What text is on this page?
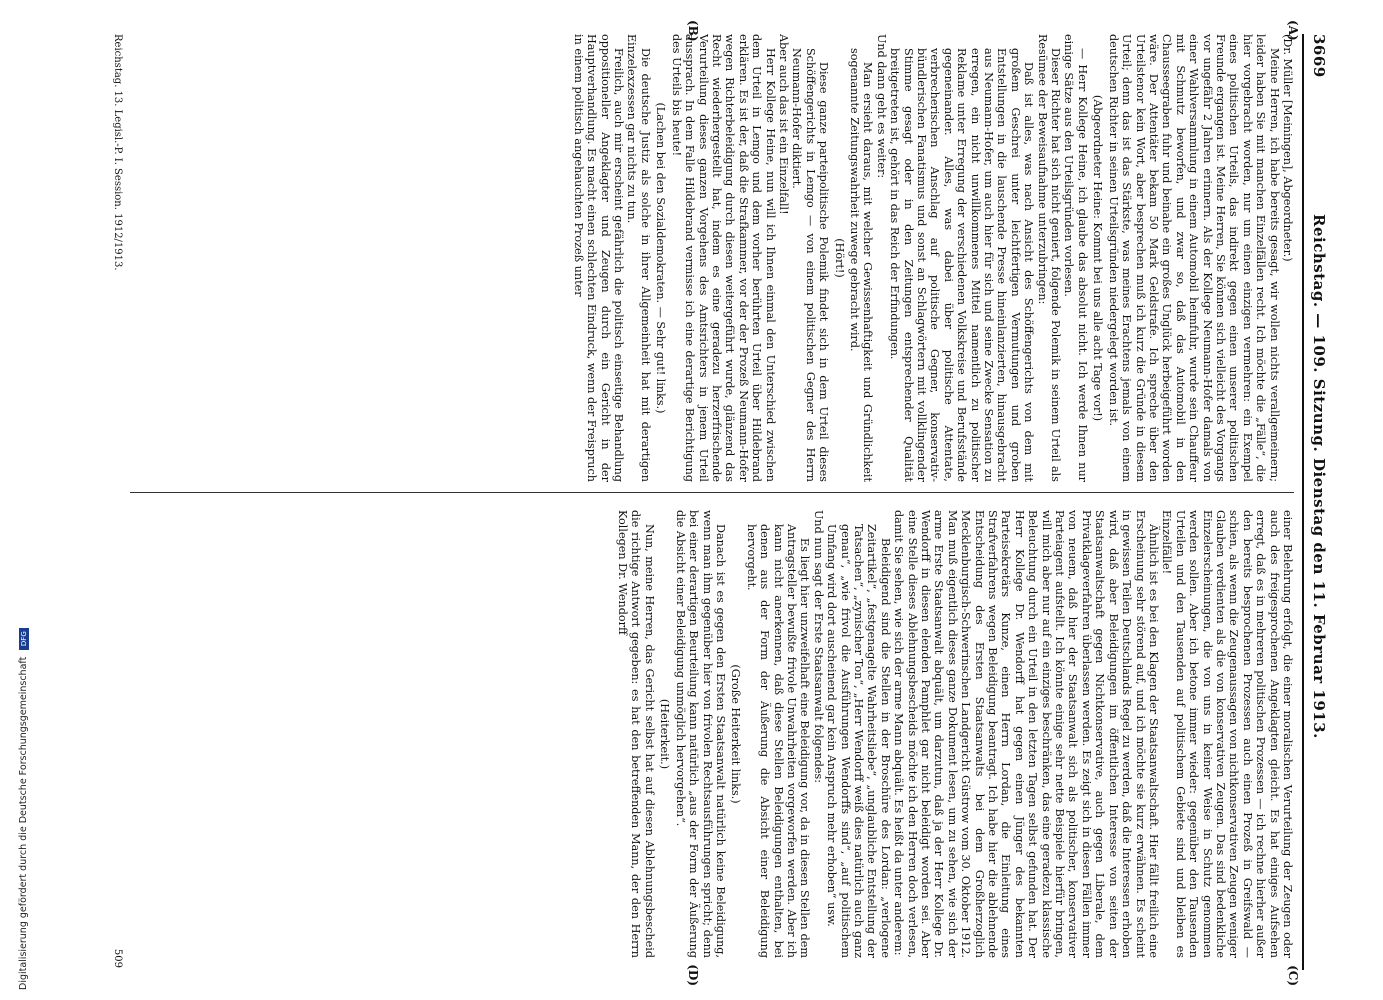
3669
Reichstag. — 109. Sitzung. Dienstag den 11. Februar 1913.
(A)
(B)
(C)
(D)

(Dr. Müller [Meiningen], Abgeordneter.)

Meine Herren, ich habe bereits gesagt, wir wollen nichts verallgemeinern; leider haben Sie mit manchen Einzelfällen recht. Ich möchte die „Fälle“, die hier vorgebracht worden, nur um einen einzigen vermehren: ein Exempel eines politischen Urteils, das indirekt gegen einen unserer politischen Freunde ergangen ist. Meine Herren, Sie können sich vielleicht des Vorgangs vor ungefähr 2 Jahren erinnern. Als der Kollege Neumann-Hofer damals von einer Wahlversammlung in einem Automobil heimfuhr, wurde sein Chauffeur mit Schmutz beworfen, und zwar so, daß das Automobil in den Chausseegraben fuhr und beinahe ein großes Unglück herbeigeführt worden wäre. Der Attentäter bekam 50 Mark Geldstrafe. Ich spreche über den Urteilstenor kein Wort, aber besprechen muß ich kurz die Gründe in diesem Urteil; denn das ist das Stärkste, was meines Erachtens jemals von einem deutschen Richter in seinen Urteilsgründen niedergelegt worden ist.

(Abgeordneter Heine: Kommt bei uns alle acht Tage vor!)

— Herr Kollege Heine, ich glaube das absolut nicht. Ich werde Ihnen nur einige Sätze aus den Urteilsgründen vorlesen.

Dieser Richter hat sich nicht geniert, folgende Polemik in seinem Urteil als Resümee der Beweisaufnahme unterzubringen:

Daß ist alles, was nach Ansicht des Schöffengerichts von dem mit großem Geschrei unter leichtfertigen Vermutungen und groben Entstellungen in die lauschende Presse hineinlanzierten, hinausgebracht aus Neumann-Hofer, um auch hier für sich und seine Zwecke Sensation zu erregen, ein nicht unwillkommenes Mittel namentlich zu politischer Reklame unter Erregung der verschiedenen Volkskreise und Berufsstände gegeneinander. Alles, was dabei über politische Attentate, verbrecherischen Anschlag auf politische Gegner, konservativ-bündlerischen Fanatismus und sonst an Schlagwörtern mit vollklingender Stimme gesagt oder in den Zeitungen entsprechender Qualität breitgetreten ist, gehört in das Reich der Erfindungen.

Und dann geht es weiter:

Man ersieht daraus, mit welcher Gewissenhaftigkeit und Gründlichkeit sogenannte Zeitungswahrheit zuwege gebracht wird.

(Hört!)

Diese ganze parteipolitische Polemik findet sich in dem Urteil dieses Schöffengerichts in Lemgo — von einem politischen Gegner des Herrn Neumann-Hofer diktiert.

Aber auch das ist ein Einzelfall!

Herr Kollege Heine, nun will ich Ihnen einmal den Unterschied zwischen dem Urteil in Lemgo und dem vorher berührten Urteil über Hildebrand erklären. Es ist der, daß die Strafkammer, vor der der Prozeß Neumann-Hofer wegen Richterbeleidigung durch diesen weitergeführt wurde, glänzend das Recht wiederhergestellt hat, indem es eine geradezu herzerfrischende Verurteilung dieses ganzen Vorgehens des Amtsrichters in jenem Urteil aussprach. In dem Falle Hildebrand vermisse ich eine derartige Berichtigung des Urteils bis heute!

(Lachen bei den Sozialdemokraten. — Sehr gut! links.)

Die deutsche Justiz als solche in ihrer Allgemeinheit hat mit derartigen Einzelexzessen gar nichts zu tun.

Freilich, auch mir erscheint gefährlich die politisch einseitige Behandlung oppositioneller Angeklagter und Zeugen durch ein Gericht in der Hauptverhandlung. Es macht einen schlechten Eindruck, wenn der Freispruch in einem politisch angehauchten Prozeß unter

einer Belehrung erfolgt, die einer moralischen Verurteilung der Zeugen oder auch des freigesprochenen Angeklagten gleicht. Es hat einiges Aufsehen erregt, daß es in mehreren politischen Prozessen — ich rechne hierher außer den bereits besprochenen Prozessen auch einen Prozeß in Greifswald — schien, als wenn die Zeugenaussagen von nichtkonservativen Zeugen weniger Glauben verdienten als die von konservativen Zeugen. Das sind bedenkliche Einzelerscheinungen, die von uns in keiner Weise in Schutz genommen werden sollen. Aber ich betone immer wieder: gegenüber den Tausenden Urteilen und den Tausenden auf politischem Gebiete sind und bleiben es Einzelfälle!

Ähnlich ist es bei den Klagen der Staatsanwaltschaft. Hier fällt freilich eine Erscheinung sehr störend auf, und ich möchte sie kurz erwähnen. Es scheint in gewissen Teilen Deutschlands Regel zu werden, daß die Interessen erhoben wird, daß aber Beleidigungen im öffentlichen Interesse von seiten der Staatsanwaltschaft gegen Nichtkonservative, auch gegen Liberale, dem Privatklageverfahren überlassen werden. Es zeigt sich in diesen Fällen immer von neuem, daß hier der Staatsanwalt sich als politischer, konservativer Parteiagent aufstellt. Ich könnte einige sehr nette Beispiele hierfür bringen, will mich aber nur auf ein einziges beschränken, das eine geradezu klassische Beleuchtung durch ein Urteil in den letzten Tagen selbst gefunden hat. Der Herr Kollege Dr. Wendorff hat gegen einen Jünger des bekannten Parteisekretärs Kunze, einen Herrn Lordan, die Einleitung eines Strafverfahrens wegen Beleidigung beantragt. Ich habe hier die ablehnende Entscheidung des Ersten Staatsanwalts bei dem Großherzoglich Mecklenburgisch-Schwerinschen Landgericht Güstrow vom 30. Oktober 1912. Man muß eigentlich dieses ganze Dokument lesen, um zu sehen, wie sich der arme Erste Staatsanwalt abquält, um darzutun, daß ja der Herr Kollege Dr. Wendorff in diesen elenden Pamphlet gar nicht beleidigt worden sei. Aber eine Stelle dieses Ablehnungsbescheids möchte ich den Herren doch verlesen, damit Sie sehen, wie sich der arme Mann abquält. Es heißt da unter anderem:

Beleidigend sind die Stellen in der Broschüre des Lordan: „verlogene Zeitartikel“, „festgenagelte Wahrheitsliebe“, „unglaubliche Entstellung der Tatsachen“, „zynischer Ton“, „Herr Wendorff weiß dies natürlich auch ganz genau“, „wie frivol die Ausführungen Wendorffs sind“, „auf politischem Umfang wird dort auscheinend gar kein Anspruch mehr erhoben“ usw.

Und nun sagt der Erste Staatsanwalt folgendes:

Es liegt hier unzweifelhaft eine Beleidigung vor, da in diesen Stellen dem Antragsteller bewußte frivole Unwahrheiten vorgeworfen werden. Aber ich kann nicht anerkennen, daß diese Stellen Beleidigungen enthalten, bei denen aus der Form der Äußerung die Absicht einer Beleidigung hervorgeht.

(Große Heiterkeit links.)

Danach ist es gegen den Ersten Staatsanwalt natürlich keine Beleidigung, wenn man ihm gegenüber hier von frivolen Rechtsausführungen spricht; denn bei einer derartigen Beurteilung kann natürlich „aus der Form der Äußerung die Absicht einer Beleidigung unmöglich hervorgehen“.

(Heiterkeit.)

Nun, meine Herren, das Gericht selbst hat auf diesen Ablehnungsbescheid die richtige Antwort gegeben: es hat den betreffenden Mann, der den Herrn Kollegen Dr. Wendorff

Reichstag. 13. Legisl.-P. I. Session. 1912/1913.
509
Digitalisierung gefördert durch die Deutsche Forschungsgemeinschaft DFG
